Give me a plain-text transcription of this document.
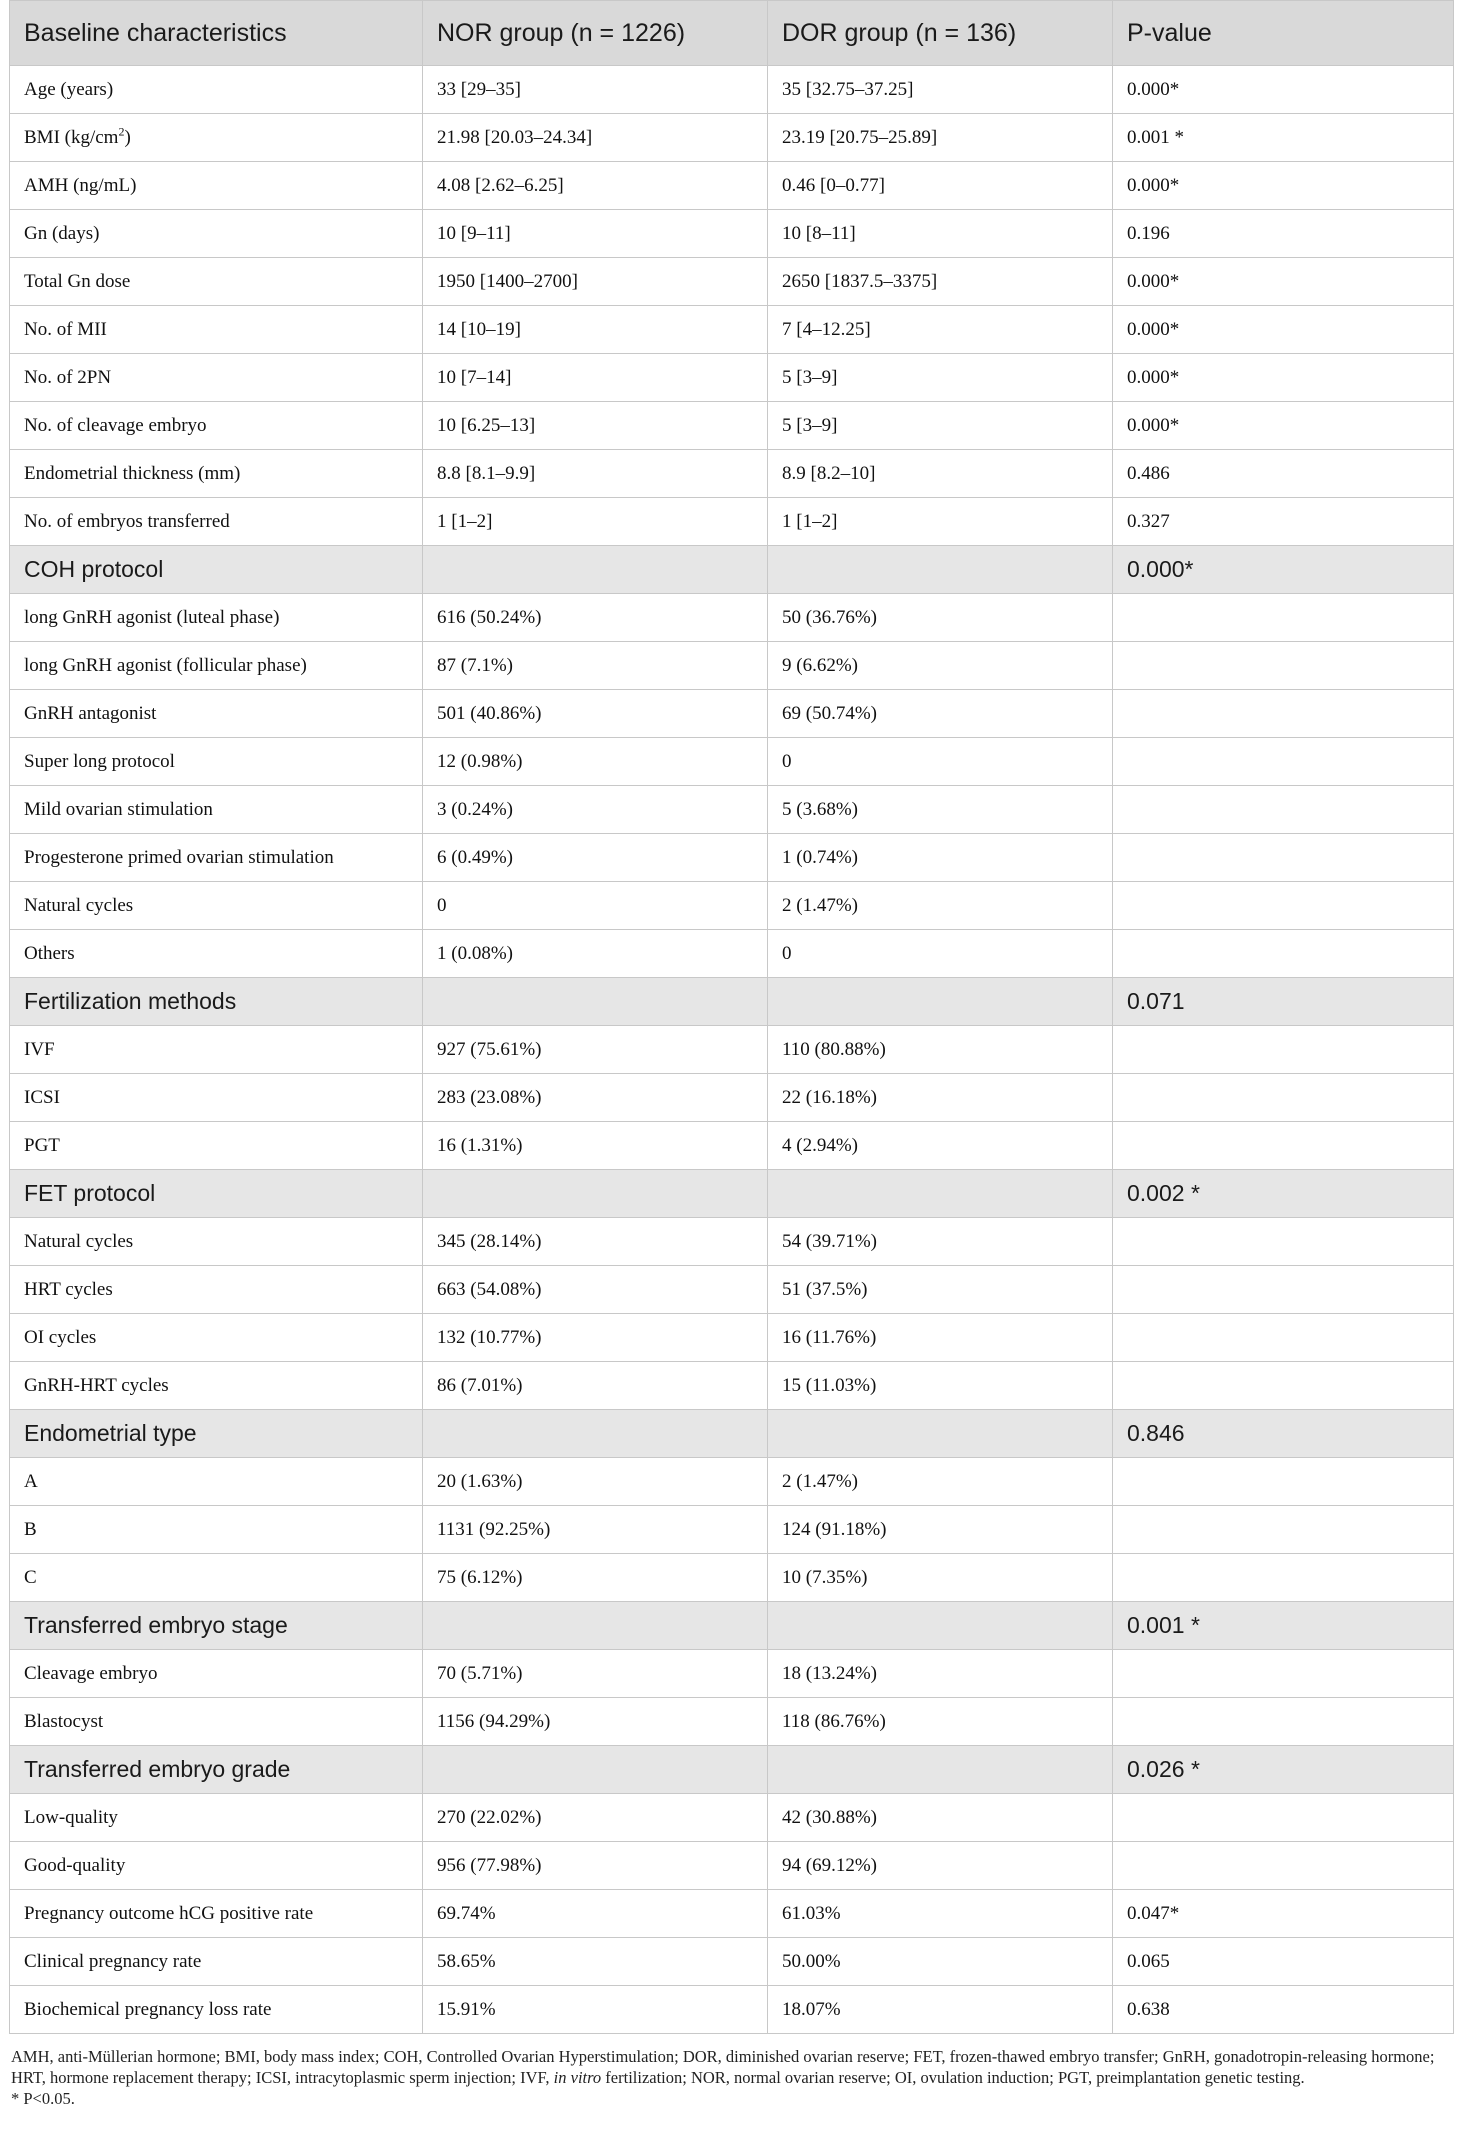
Baseline characteristics	NOR group (n = 1226)	DOR group (n = 136)	P-value
Age (years)	33 [29–35]	35 [32.75–37.25]	0.000*
BMI $(kg/cm^2)$	21.98 [20.03–24.34]	23.19 [20.75–25.89]	0.001 *
AMH (ng/mL)	4.08 [2.62–6.25]	0.46 [0–0.77]	0.000*
Gn (days)	10 [9–11]	10 [8–11]	0.196
Total Gn dose	1950 [1400–2700]	2650 [1837.5–3375]	0.000*
No. of MII	14 [10–19]	7 [4–12.25]	0.000*
No. of 2PN	10 [7–14]	5 [3–9]	0.000*
No. of cleavage embryo	10 [6.25–13]	5 [3–9]	0.000*
Endometrial thickness (mm)	8.8 [8.1–9.9]	8.9 [8.2–10]	0.486
No. of embryos transferred	1 [1–2]	1 [1–2]	0.327
COH protocol			0.000*
long GnRH agonist (luteal phase)	616 (50.24%)	50 (36.76%)	
long GnRH agonist (follicular phase)	87 (7.1%)	9 (6.62%)	
GnRH antagonist	501 (40.86%)	69 (50.74%)	
Super long protocol	12 (0.98%)	0	
Mild ovarian stimulation	3 (0.24%)	5 (3.68%)	
Progesterone primed ovarian stimulation	6 (0.49%)	1 (0.74%)	
Natural cycles	0	2 (1.47%)	
Others	1 (0.08%)	0	
Fertilization methods			0.071
IVF	927 (75.61%)	110 (80.88%)	
ICSI	283 (23.08%)	22 (16.18%)	
PGT	16 (1.31%)	4 (2.94%)	
FET protocol			0.002 *
Natural cycles	345 (28.14%)	54 (39.71%)	
HRT cycles	663 (54.08%)	51 (37.5%)	
OI cycles	132 (10.77%)	16 (11.76%)	
GnRH-HRT cycles	86 (7.01%)	15 (11.03%)	
Endometrial type			0.846
A	20 (1.63%)	2 (1.47%)	
B	1131 (92.25%)	124 (91.18%)	
C	75 (6.12%)	10 (7.35%)	
Transferred embryo stage			0.001 *
Cleavage embryo	70 (5.71%)	18 (13.24%)	
Blastocyst	1156 (94.29%)	118 (86.76%)	
Transferred embryo grade			0.026 *
Low-quality	270 (22.02%)	42 (30.88%)	
Good-quality	956 (77.98%)	94 (69.12%)	
Pregnancy outcome hCG positive rate	69.74%	61.03%	0.047*
Clinical pregnancy rate	58.65%	50.00%	0.065
Biochemical pregnancy loss rate	15.91%	18.07%	0.638

AMH, anti-Müllerian hormone; BMI, body mass index; COH, Controlled Ovarian Hyperstimulation; DOR, diminished ovarian reserve; FET, frozen-thawed embryo transfer; GnRH, gonadotropin-releasing hormone; HRT, hormone replacement therapy; ICSI, intracytoplasmic sperm injection; IVF, in vitro fertilization; NOR, normal ovarian reserve; OI, ovulation induction; PGT, preimplantation genetic testing.

* P<0.05.
